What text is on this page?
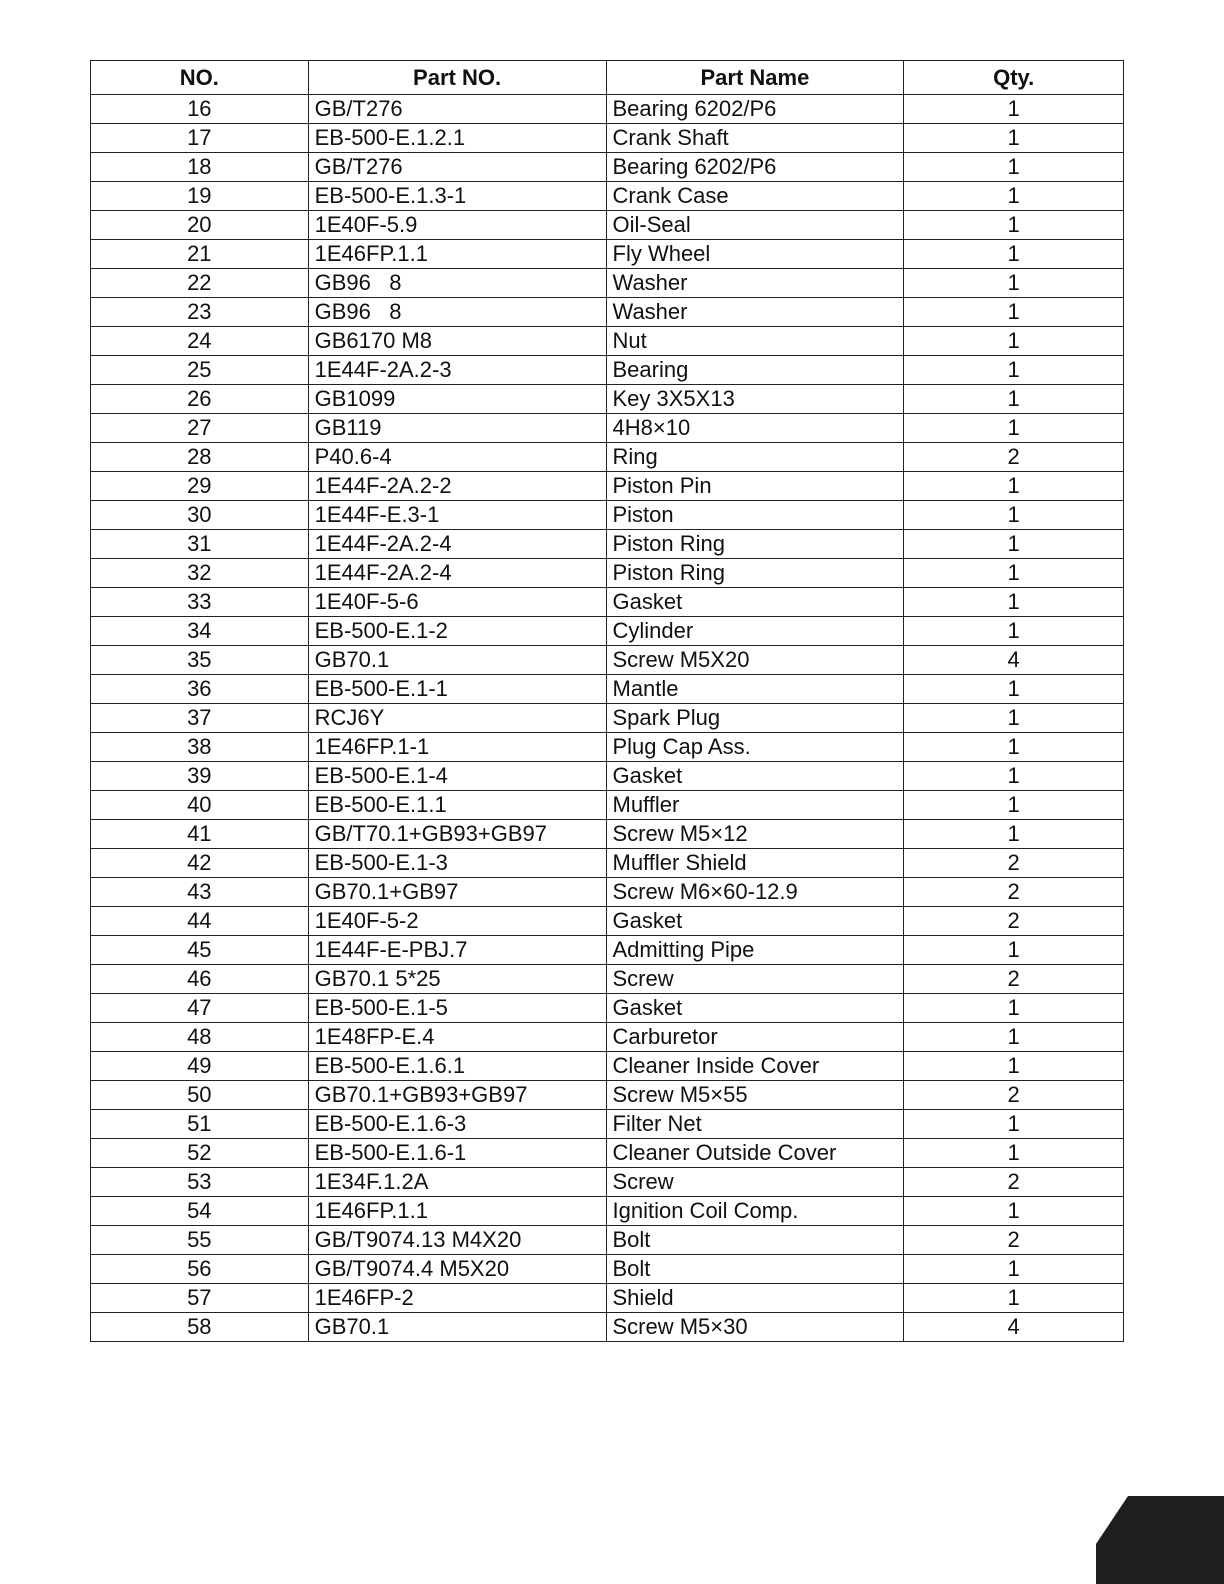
NO.	Part NO.	Part Name	Qty.
16	GB/T276	Bearing 6202/P6	1
17	EB-500-E.1.2.1	Crank Shaft	1
18	GB/T276	Bearing 6202/P6	1
19	EB-500-E.1.3-1	Crank Case	1
20	1E40F-5.9	Oil-Seal	1
21	1E46FP.1.1	Fly Wheel	1
22	GB96   8	Washer	1
23	GB96   8	Washer	1
24	GB6170 M8	Nut	1
25	1E44F-2A.2-3	Bearing	1
26	GB1099	Key 3X5X13	1
27	GB119	4H8×10	1
28	P40.6-4	Ring	2
29	1E44F-2A.2-2	Piston Pin	1
30	1E44F-E.3-1	Piston	1
31	1E44F-2A.2-4	Piston Ring	1
32	1E44F-2A.2-4	Piston Ring	1
33	1E40F-5-6	Gasket	1
34	EB-500-E.1-2	Cylinder	1
35	GB70.1	Screw M5X20	4
36	EB-500-E.1-1	Mantle	1
37	RCJ6Y	Spark Plug	1
38	1E46FP.1-1	Plug Cap Ass.	1
39	EB-500-E.1-4	Gasket	1
40	EB-500-E.1.1	Muffler	1
41	GB/T70.1+GB93+GB97	Screw M5×12	1
42	EB-500-E.1-3	Muffler Shield	2
43	GB70.1+GB97	Screw M6×60-12.9	2
44	1E40F-5-2	Gasket	2
45	1E44F-E-PBJ.7	Admitting Pipe	1
46	GB70.1 5*25	Screw	2
47	EB-500-E.1-5	Gasket	1
48	1E48FP-E.4	Carburetor	1
49	EB-500-E.1.6.1	Cleaner Inside Cover	1
50	GB70.1+GB93+GB97	Screw M5×55	2
51	EB-500-E.1.6-3	Filter Net	1
52	EB-500-E.1.6-1	Cleaner Outside Cover	1
53	1E34F.1.2A	Screw	2
54	1E46FP.1.1	Ignition Coil Comp.	1
55	GB/T9074.13 M4X20	Bolt	2
56	GB/T9074.4 M5X20	Bolt	1
57	1E46FP-2	Shield	1
58	GB70.1	Screw M5×30	4
